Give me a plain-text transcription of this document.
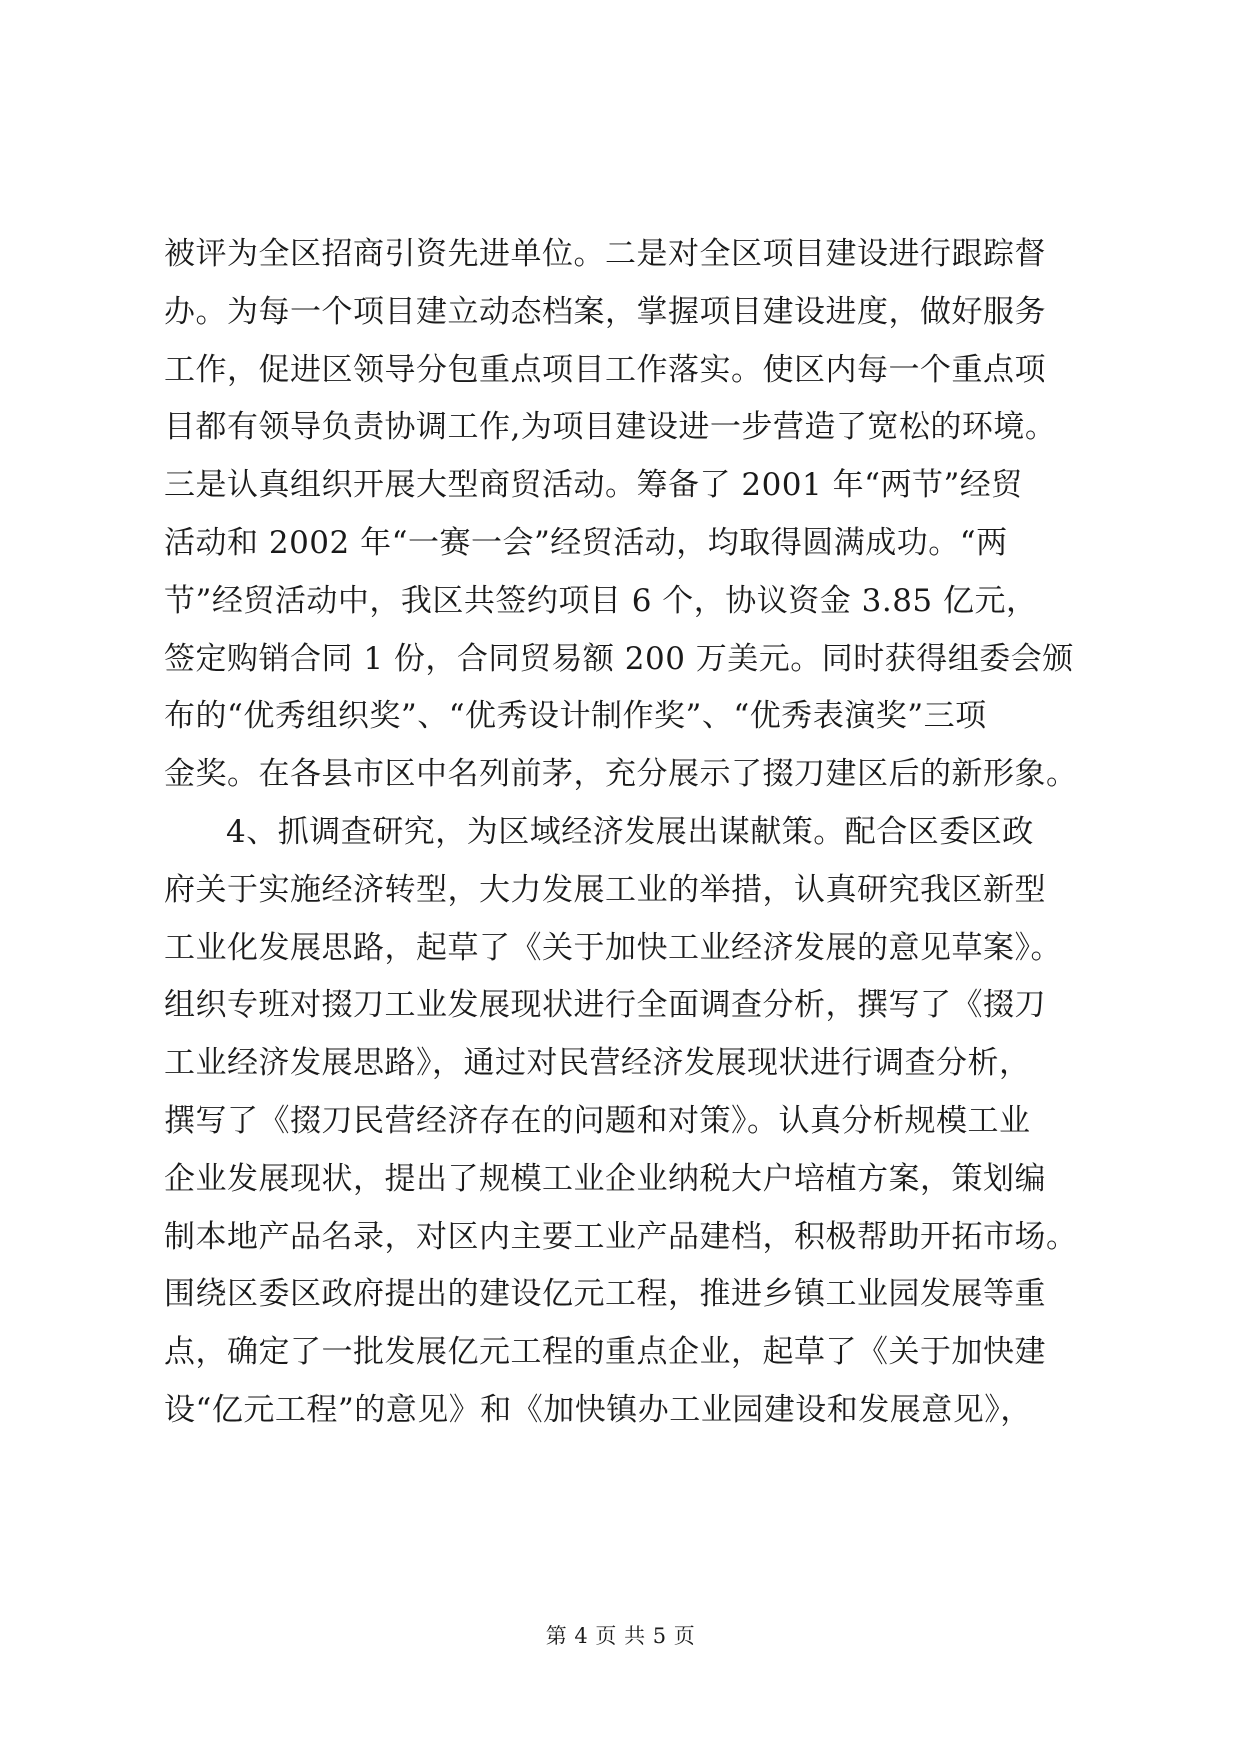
被评为全区招商引资先进单位。二是对全区项目建设进行跟踪督
办。为每一个项目建立动态档案，掌握项目建设进度，做好服务
工作，促进区领导分包重点项目工作落实。使区内每一个重点项
目都有领导负责协调工作,为项目建设进一步营造了宽松的环境。
三是认真组织开展大型商贸活动。筹备了 2001 年“两节”经贸
活动和 2002 年“一赛一会”经贸活动，均取得圆满成功。“两
节”经贸活动中，我区共签约项目 6 个，协议资金 3.85 亿元，
签定购销合同 1 份，合同贸易额 200 万美元。同时获得组委会颁
布的“优秀组织奖”、“优秀设计制作奖”、“优秀表演奖”三项
金奖。在各县市区中名列前茅，充分展示了掇刀建区后的新形象。
4、抓调查研究，为区域经济发展出谋献策。配合区委区政
府关于实施经济转型，大力发展工业的举措，认真研究我区新型
工业化发展思路，起草了《关于加快工业经济发展的意见草案》。
组织专班对掇刀工业发展现状进行全面调查分析，撰写了《掇刀
工业经济发展思路》，通过对民营经济发展现状进行调查分析，
撰写了《掇刀民营经济存在的问题和对策》。认真分析规模工业
企业发展现状，提出了规模工业企业纳税大户培植方案，策划编
制本地产品名录，对区内主要工业产品建档，积极帮助开拓市场。
围绕区委区政府提出的建设亿元工程，推进乡镇工业园发展等重
点，确定了一批发展亿元工程的重点企业，起草了《关于加快建
设“亿元工程”的意见》和《加快镇办工业园建设和发展意见》，
第 4 页 共 5 页
